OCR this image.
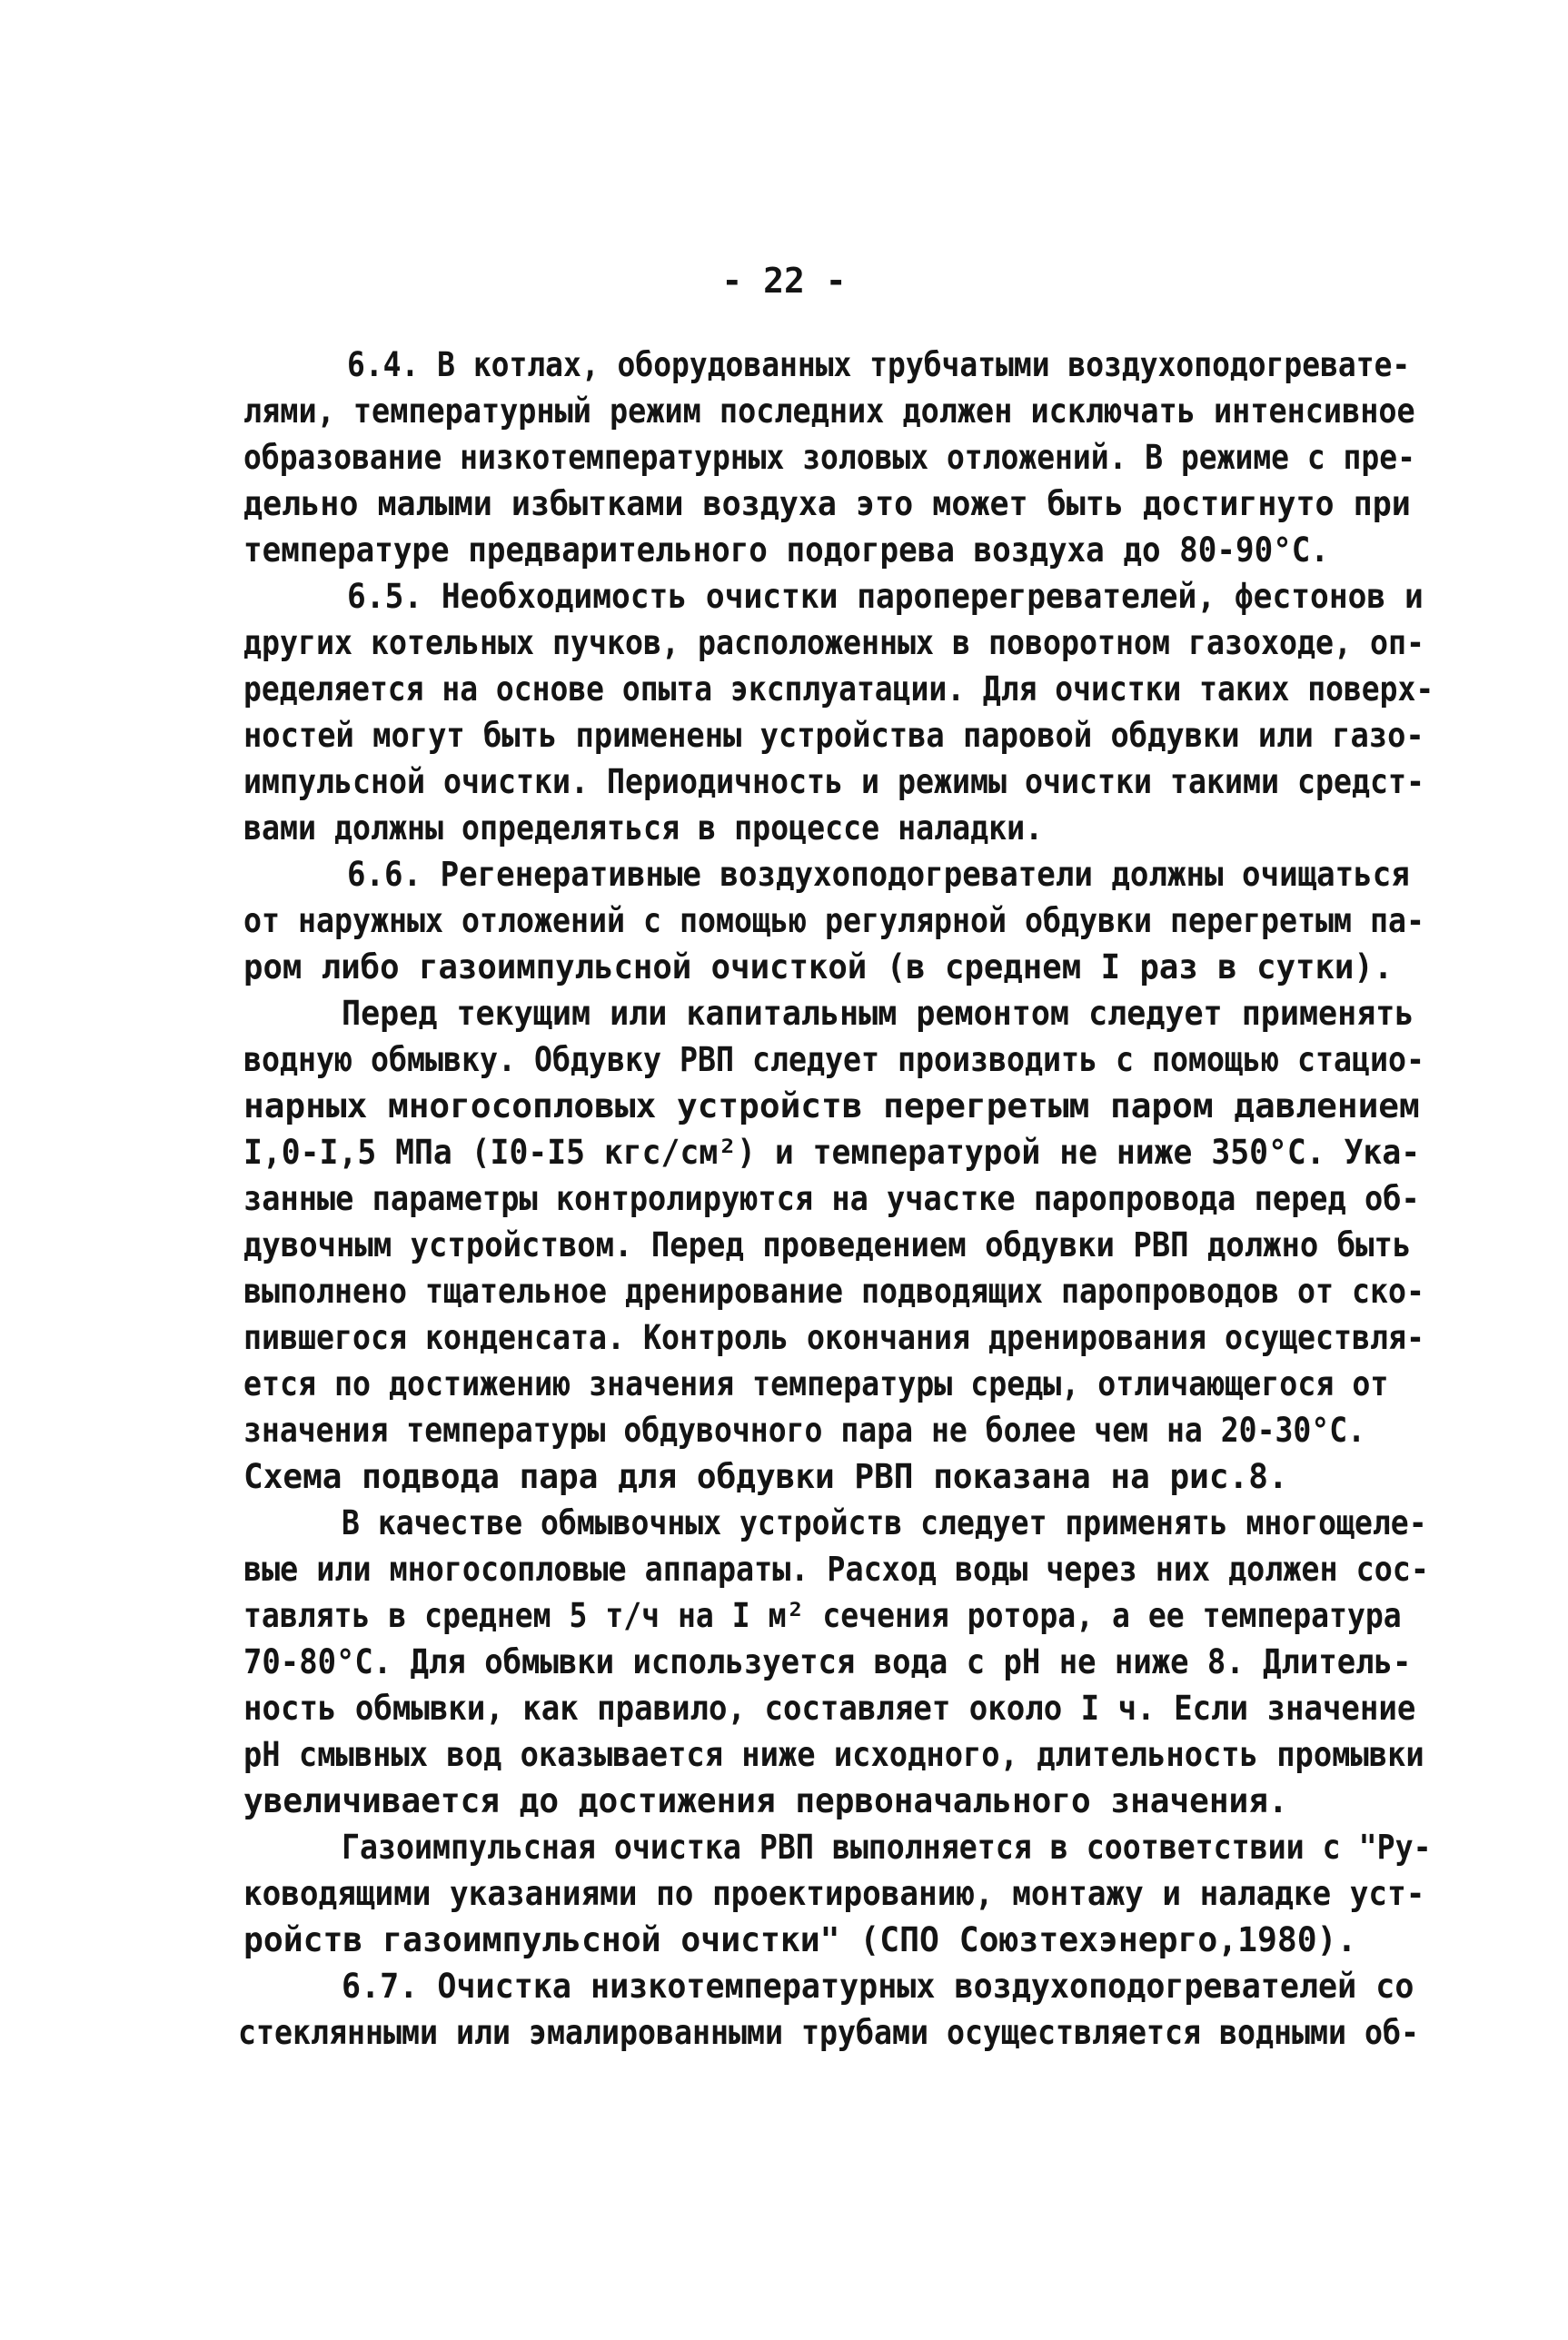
- 22 -
6.4. В котлах, оборудованных трубчатыми воздухоподогревате-
лями, температурный режим последних должен исключать интенсивное
образование низкотемпературных золовых отложений. В режиме с пре-
дельно малыми избытками воздуха это может быть достигнуто при
температуре предварительного подогрева воздуха до 80-90°С.
6.5. Необходимость очистки пароперегревателей, фестонов и
других котельных пучков, расположенных в поворотном газоходе, оп-
ределяется на основе опыта эксплуатации. Для очистки таких поверх-
ностей могут быть применены устройства паровой обдувки или газо-
импульсной очистки. Периодичность и режимы очистки такими средст-
вами должны определяться в процессе наладки.
6.6. Регенеративные воздухоподогреватели должны очищаться
от наружных отложений с помощью регулярной обдувки перегретым па-
ром либо газоимпульсной очисткой (в среднем I раз в сутки).
Перед текущим или капитальным ремонтом следует применять
водную обмывку. Обдувку РВП следует производить с помощью стацио-
нарных многосопловых устройств перегретым паром давлением
I,0-I,5 МПа (I0-I5 кгс/см²) и температурой не ниже 350°С. Ука-
занные параметры контролируются на участке паропровода перед об-
дувочным устройством. Перед проведением обдувки РВП должно быть
выполнено тщательное дренирование подводящих паропроводов от ско-
пившегося конденсата. Контроль окончания дренирования осуществля-
ется по достижению значения температуры среды, отличающегося от
значения температуры обдувочного пара не более чем на 20-30°С.
Схема подвода пара для обдувки РВП показана на рис.8.
В качестве обмывочных устройств следует применять многощеле-
вые или многосопловые аппараты. Расход воды через них должен сос-
тавлять в среднем 5 т/ч на I м² сечения ротора, а ее температура
70-80°С. Для обмывки используется вода с pH не ниже 8. Длитель-
ность обмывки, как правило, составляет около I ч. Если значение
pH смывных вод оказывается ниже исходного, длительность промывки
увеличивается до достижения первоначального значения.
Газоимпульсная очистка РВП выполняется в соответствии с "Ру-
ководящими указаниями по проектированию, монтажу и наладке уст-
ройств газоимпульсной очистки" (СПО Союзтехэнерго,1980).
6.7. Очистка низкотемпературных воздухоподогревателей со
стеклянными или эмалированными трубами осуществляется водными об-
